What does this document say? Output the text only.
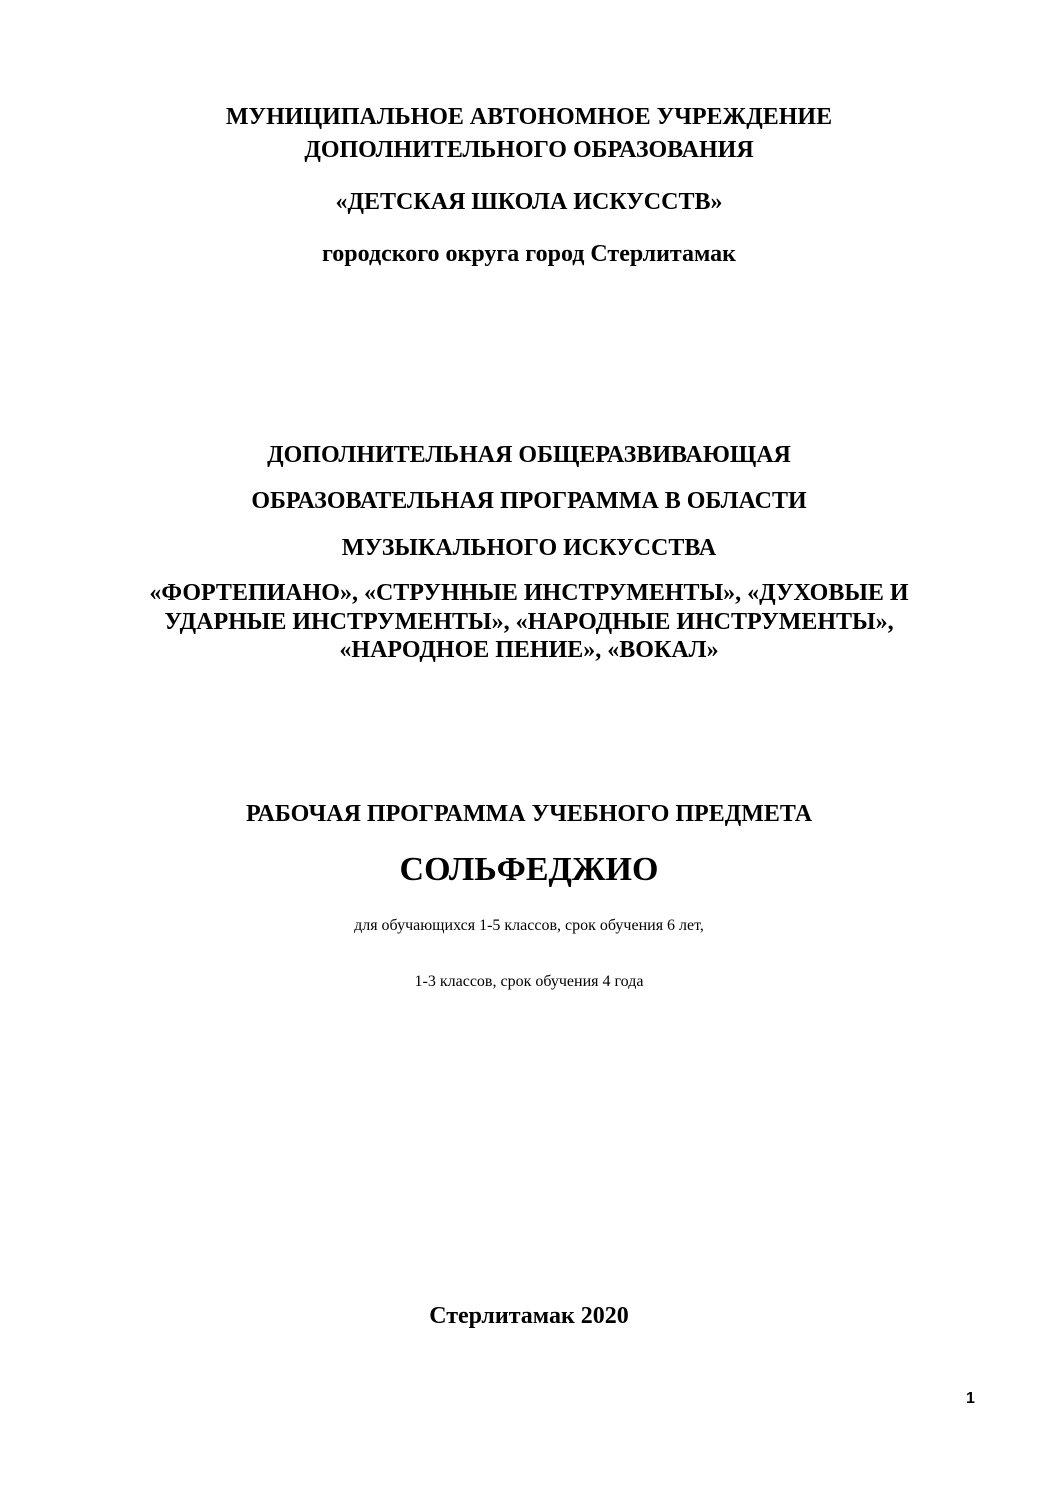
МУНИЦИПАЛЬНОЕ АВТОНОМНОЕ УЧРЕЖДЕНИЕ
ДОПОЛНИТЕЛЬНОГО ОБРАЗОВАНИЯ
«ДЕТСКАЯ ШКОЛА ИСКУССТВ»
городского округа город Стерлитамак
ДОПОЛНИТЕЛЬНАЯ ОБЩЕРАЗВИВАЮЩАЯ
ОБРАЗОВАТЕЛЬНАЯ ПРОГРАММА В ОБЛАСТИ
МУЗЫКАЛЬНОГО ИСКУССТВА
«ФОРТЕПИАНО», «СТРУННЫЕ ИНСТРУМЕНТЫ», «ДУХОВЫЕ И
УДАРНЫЕ ИНСТРУМЕНТЫ», «НАРОДНЫЕ ИНСТРУМЕНТЫ»,
«НАРОДНОЕ ПЕНИЕ», «ВОКАЛ»
РАБОЧАЯ ПРОГРАММА УЧЕБНОГО ПРЕДМЕТА
СОЛЬФЕДЖИО
для обучающихся 1-5 классов, срок обучения 6 лет,
1-3 классов, срок обучения 4 года
Стерлитамак 2020
1
